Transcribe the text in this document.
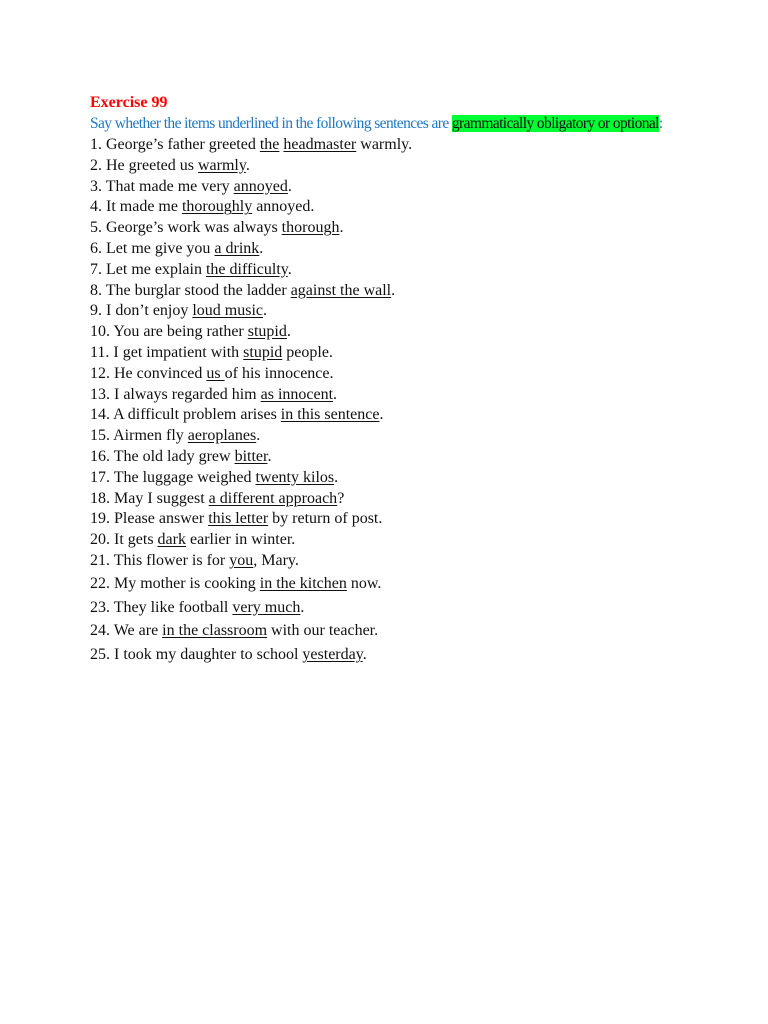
Exercise 99

Say whether the items underlined in the following sentences are grammatically obligatory or optional:

1. George’s father greeted the headmaster warmly.
2. He greeted us warmly.
3. That made me very annoyed.
4. It made me thoroughly annoyed.
5. George’s work was always thorough.
6. Let me give you a drink.
7. Let me explain the difficulty.
8. The burglar stood the ladder against the wall.
9. I don’t enjoy loud music.
10. You are being rather stupid.
11. I get impatient with stupid people.
12. He convinced us of his innocence.
13. I always regarded him as innocent.
14. A difficult problem arises in this sentence.
15. Airmen fly aeroplanes.
16. The old lady grew bitter.
17. The luggage weighed twenty kilos.
18. May I suggest a different approach?
19. Please answer this letter by return of post.
20. It gets dark earlier in winter.
21. This flower is for you, Mary.
22. My mother is cooking in the kitchen now.
23. They like football very much.
24. We are in the classroom with our teacher.
25. I took my daughter to school yesterday.
